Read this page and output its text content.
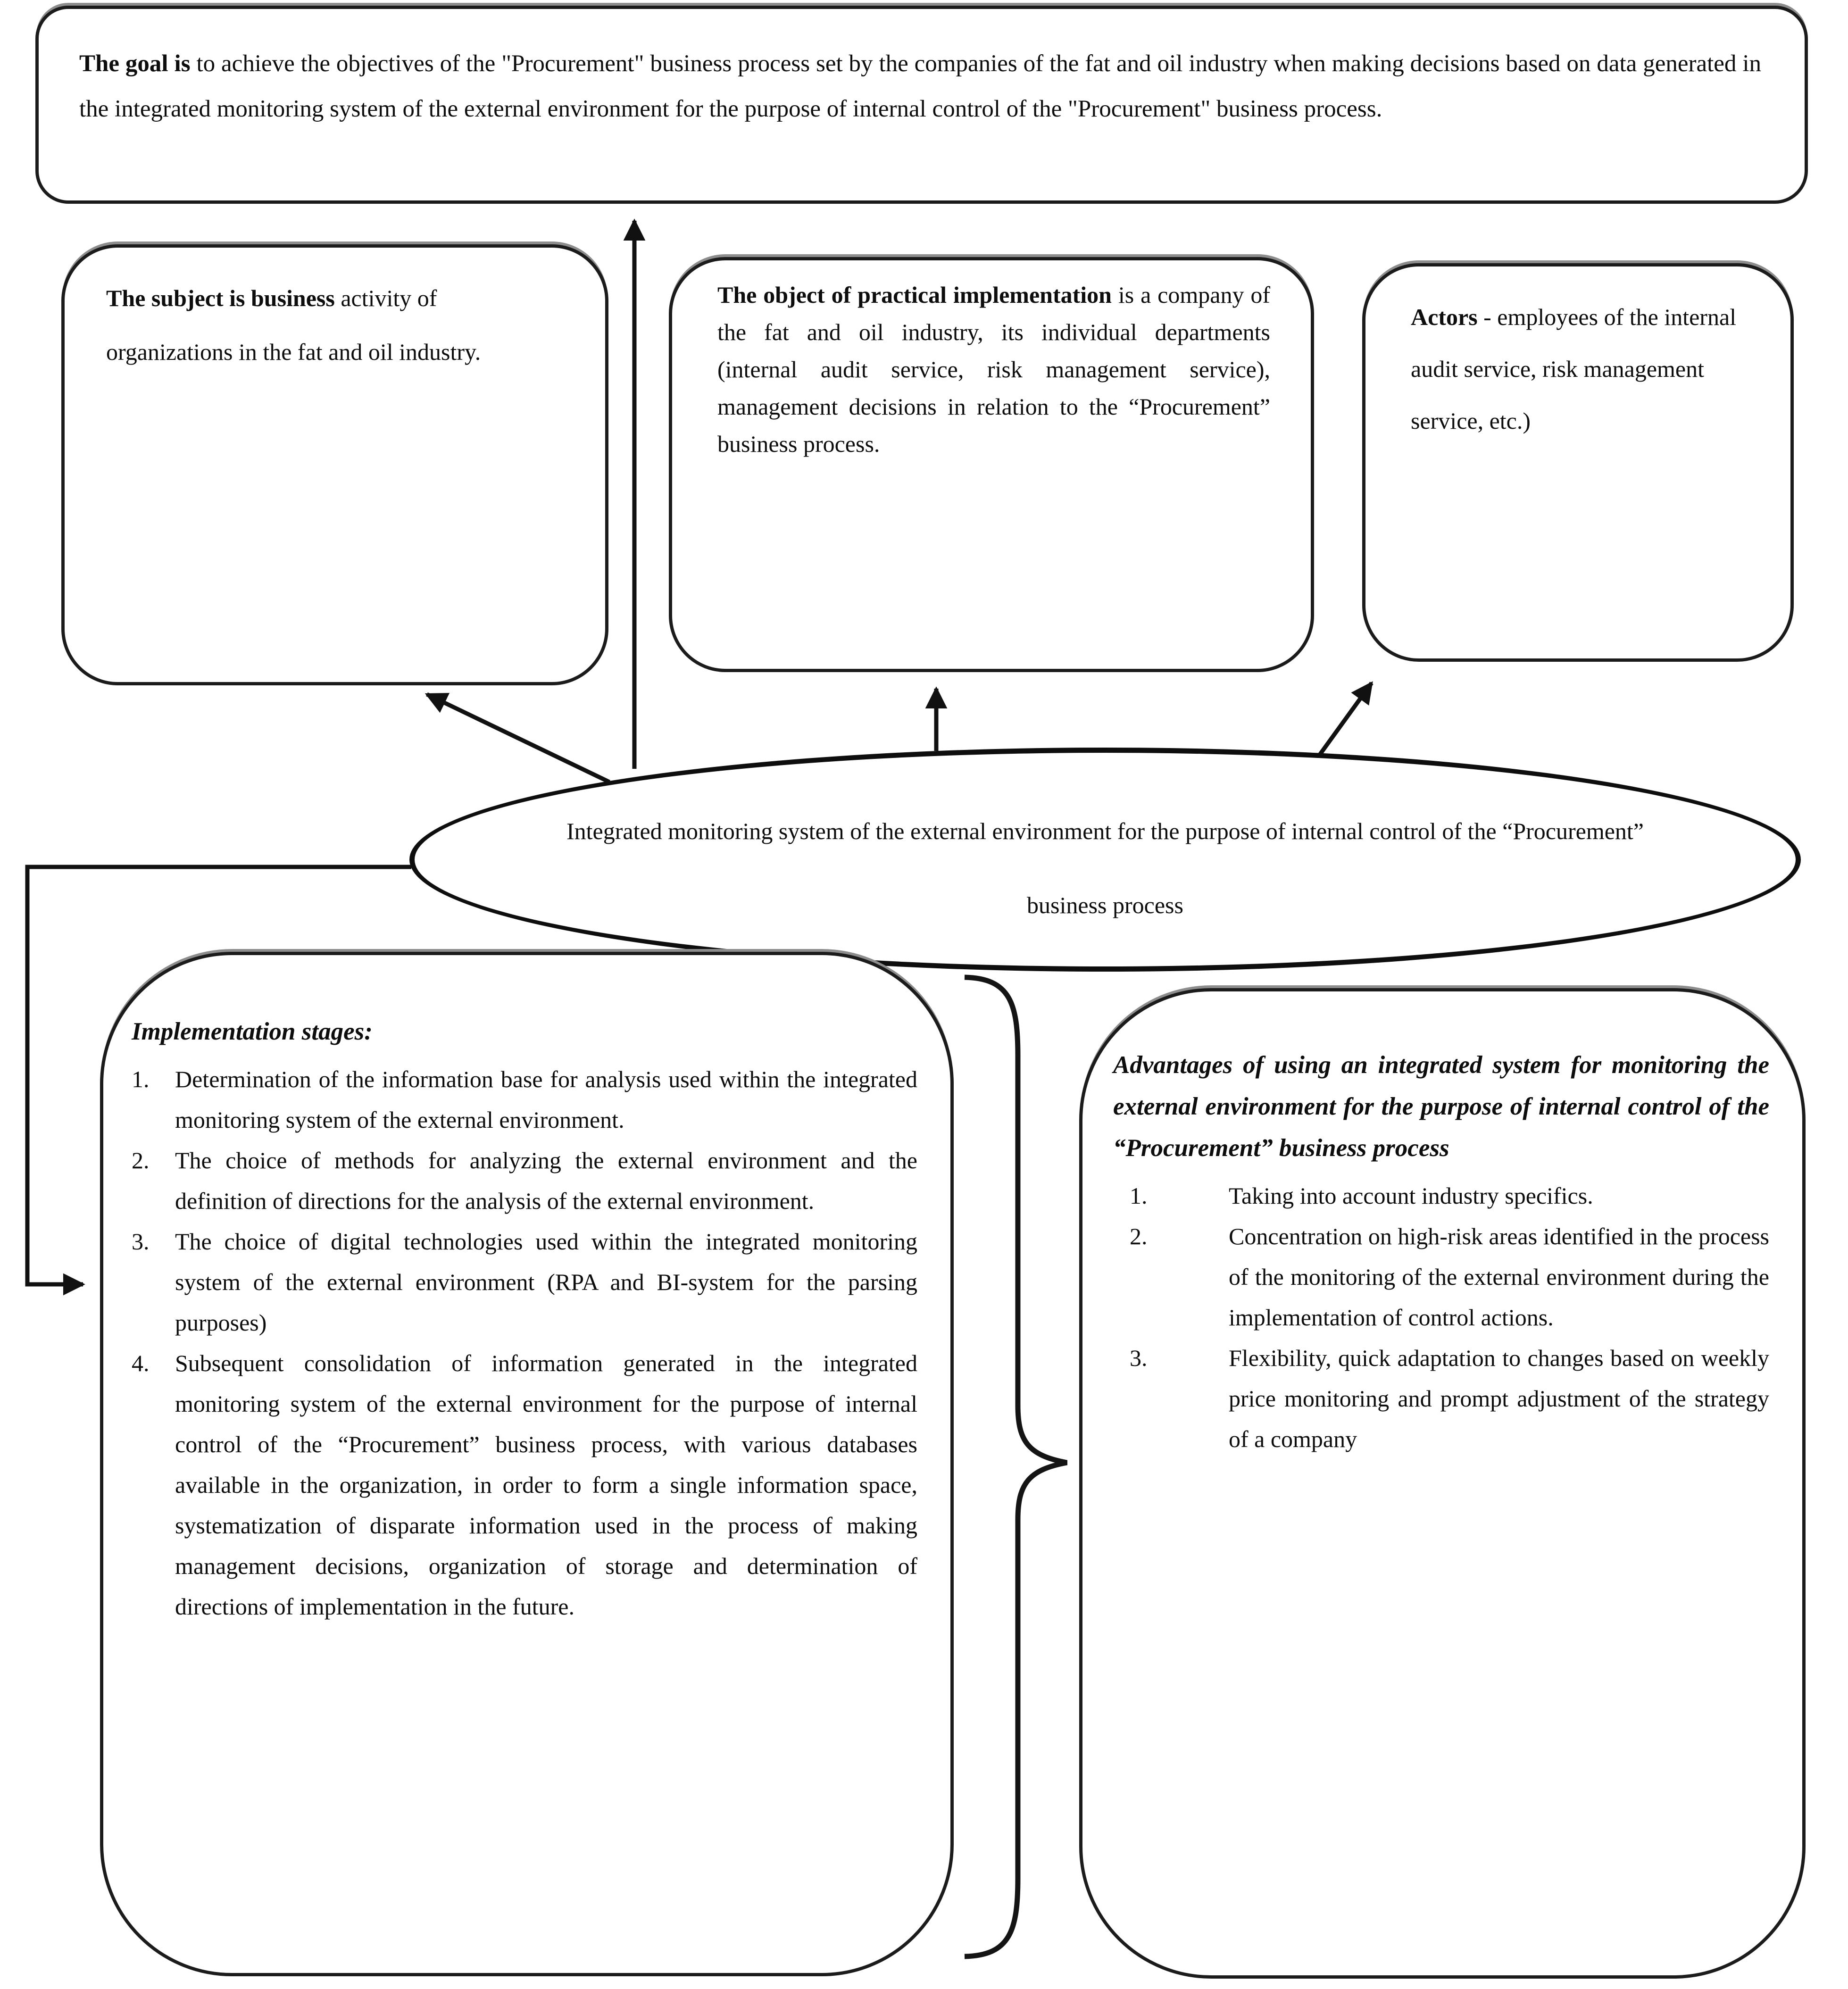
The goal is to achieve the objectives of the "Procurement" business process set by the companies of the fat and oil industry when making decisions based on data generated in the integrated monitoring system of the external environment for the purpose of internal control of the "Procurement" business process.
The subject is business activity of organizations in the fat and oil industry.
The object of practical implementation is a company of the fat and oil industry, its individual departments (internal audit service, risk management service), management decisions in relation to the “Procurement” business process.
Actors - employees of the internal audit service, risk management service, etc.)
Integrated monitoring system of the external environment for the purpose of internal control of the “Procurement” business process
Implementation stages:
Determination of the information base for analysis used within the integrated monitoring system of the external environment.
The choice of methods for analyzing the external environment and the definition of directions for the analysis of the external environment.
The choice of digital technologies used within the integrated monitoring system of the external environment (RPA and BI-system for the parsing purposes)
Subsequent consolidation of information generated in the integrated monitoring system of the external environment for the purpose of internal control of the “Procurement” business process, with various databases available in the organization, in order to form a single information space, systematization of disparate information used in the process of making management decisions, organization of storage and determination of directions of implementation in the future.
Advantages of using an integrated system for monitoring the external environment for the purpose of internal control of the “Procurement” business process
Taking into account industry specifics.
Concentration on high-risk areas identified in the process of the monitoring of the external environment during the implementation of control actions.
Flexibility, quick adaptation to changes based on weekly price monitoring and prompt adjustment of the strategy of a company
